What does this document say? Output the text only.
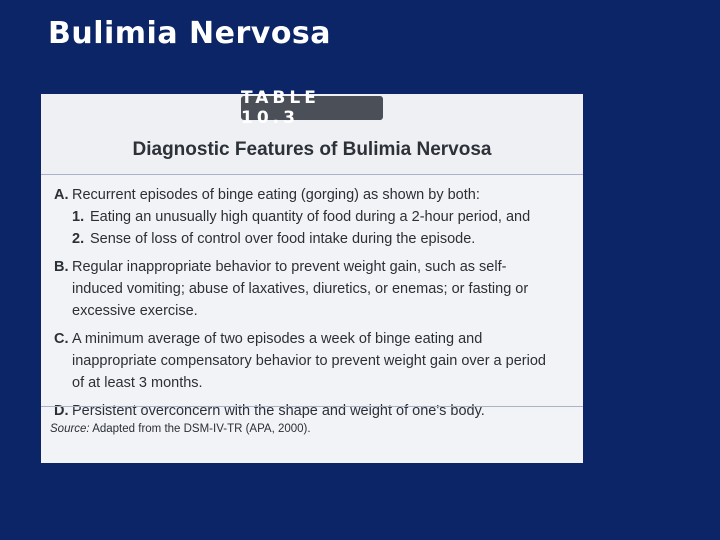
Bulimia Nervosa
TABLE 10.3
Diagnostic Features of Bulimia Nervosa
A. Recurrent episodes of binge eating (gorging) as shown by both:
1. Eating an unusually high quantity of food during a 2-hour period, and
2. Sense of loss of control over food intake during the episode.
B. Regular inappropriate behavior to prevent weight gain, such as self-induced vomiting; abuse of laxatives, diuretics, or enemas; or fasting or excessive exercise.
C. A minimum average of two episodes a week of binge eating and inappropriate compensatory behavior to prevent weight gain over a period of at least 3 months.
D. Persistent overconcern with the shape and weight of one's body.
Source: Adapted from the DSM-IV-TR (APA, 2000).
